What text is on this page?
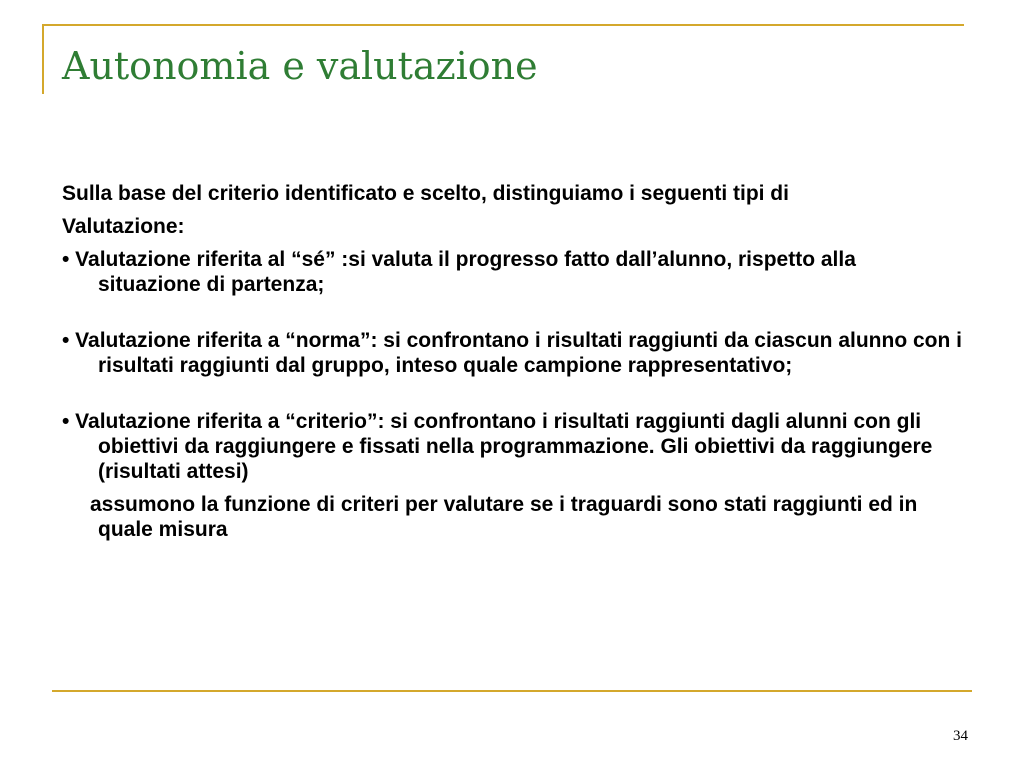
Autonomia e valutazione

Sulla base del criterio identificato e scelto, distinguiamo i seguenti tipi di

Valutazione:

• Valutazione riferita al “sé” :si valuta il progresso fatto dall’alunno, rispetto alla situazione di partenza;

• Valutazione riferita a “norma”: si confrontano i risultati raggiunti da ciascun alunno con i risultati raggiunti dal gruppo, inteso quale campione rappresentativo;

• Valutazione riferita a “criterio”: si confrontano i risultati raggiunti dagli alunni con gli obiettivi da raggiungere e fissati nella programmazione. Gli obiettivi da raggiungere (risultati attesi)

assumono la funzione di criteri per valutare se i traguardi sono stati raggiunti ed in quale misura

34
